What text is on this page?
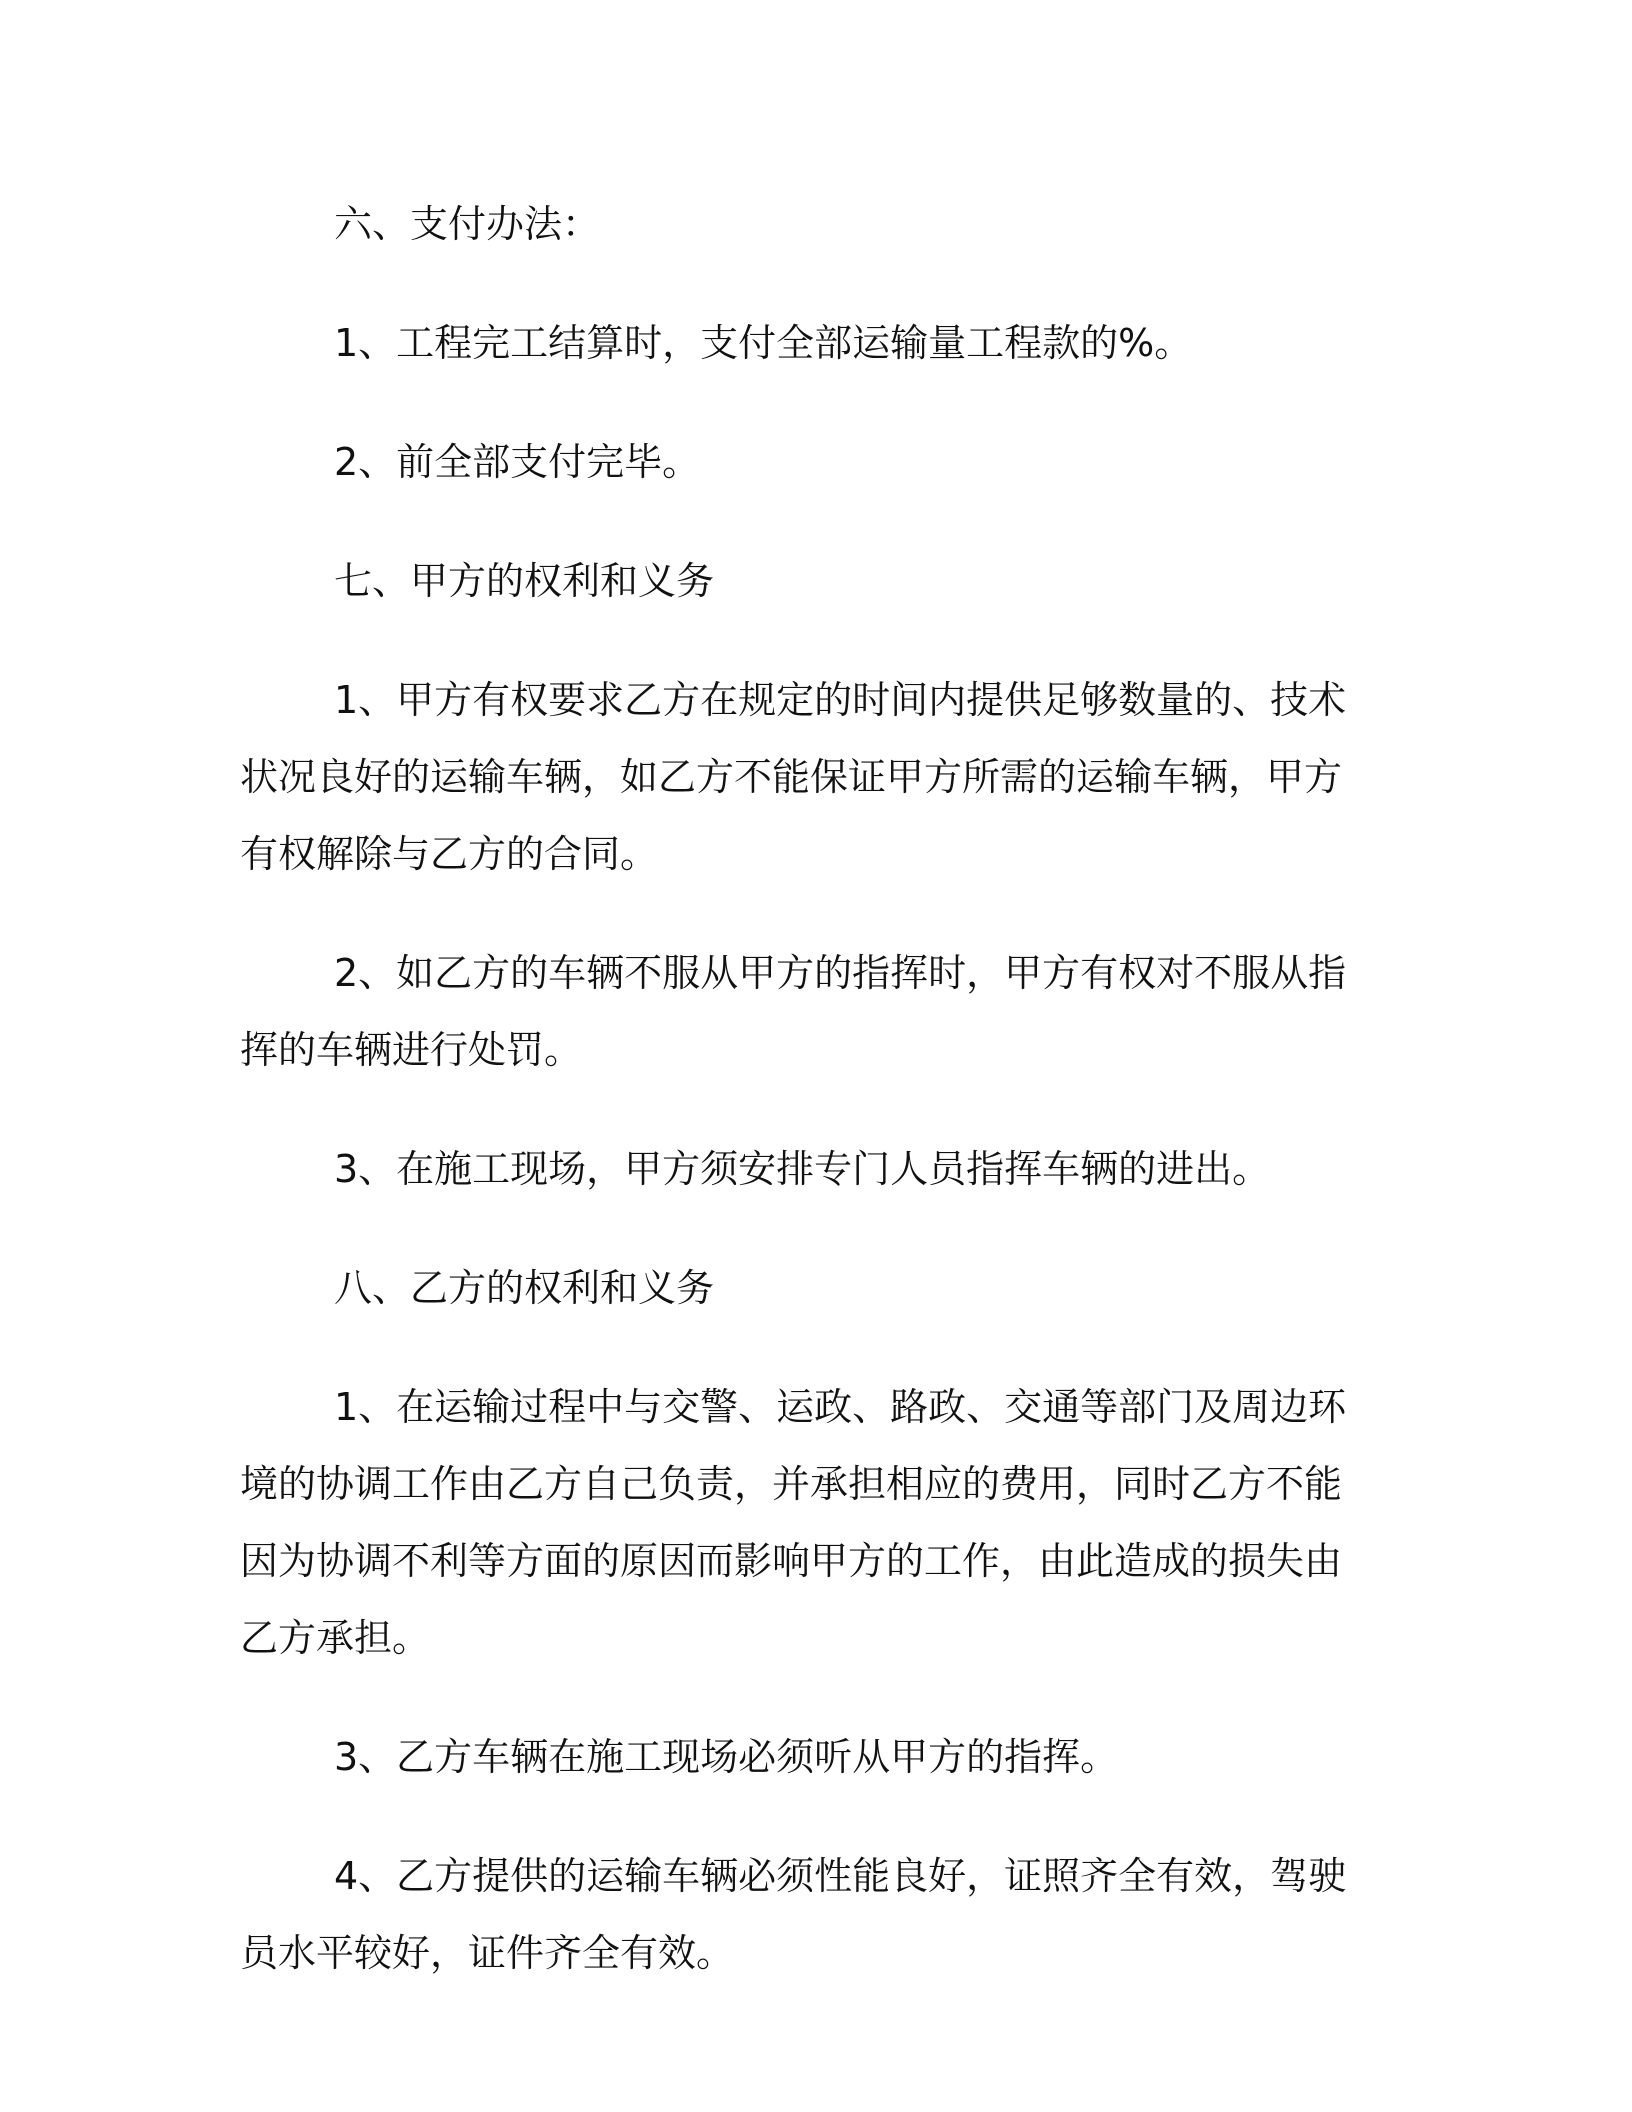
六、支付办法：

1、工程完工结算时，支付全部运输量工程款的%。

2、前全部支付完毕。

七、甲方的权利和义务

1、甲方有权要求乙方在规定的时间内提供足够数量的、技术状况良好的运输车辆，如乙方不能保证甲方所需的运输车辆，甲方有权解除与乙方的合同。

2、如乙方的车辆不服从甲方的指挥时，甲方有权对不服从指挥的车辆进行处罚。

3、在施工现场，甲方须安排专门人员指挥车辆的进出。

八、乙方的权利和义务

1、在运输过程中与交警、运政、路政、交通等部门及周边环境的协调工作由乙方自己负责，并承担相应的费用，同时乙方不能因为协调不利等方面的原因而影响甲方的工作，由此造成的损失由乙方承担。

3、乙方车辆在施工现场必须听从甲方的指挥。

4、乙方提供的运输车辆必须性能良好，证照齐全有效，驾驶员水平较好，证件齐全有效。
